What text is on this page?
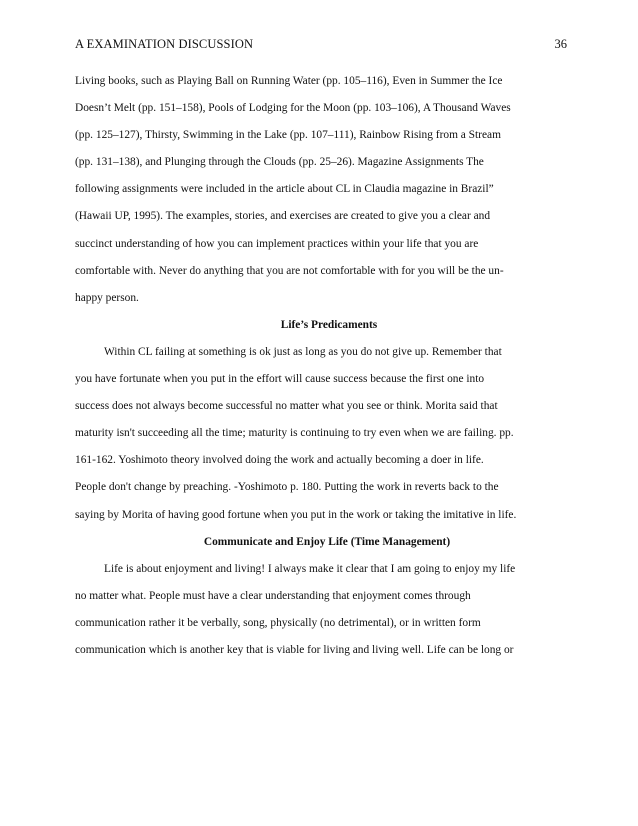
A EXAMINATION DISCUSSION	36
Living books, such as Playing Ball on Running Water (pp. 105–116), Even in Summer the Ice
Doesn’t Melt (pp. 151–158), Pools of Lodging for the Moon (pp. 103–106), A Thousand Waves
(pp. 125–127), Thirsty, Swimming in the Lake (pp. 107–111), Rainbow Rising from a Stream
(pp. 131–138), and Plunging through the Clouds (pp. 25–26). Magazine Assignments The
following assignments were included in the article about CL in Claudia magazine in Brazil”
(Hawaii UP, 1995). The examples, stories, and exercises are created to give you a clear and
succinct understanding of how you can implement practices within your life that you are
comfortable with. Never do anything that you are not comfortable with for you will be the un-
happy person.
Life’s Predicaments
Within CL failing at something is ok just as long as you do not give up. Remember that
you have fortunate when you put in the effort will cause success because the first one into
success does not always become successful no matter what you see or think. Morita said that
maturity isn't succeeding all the time; maturity is continuing to try even when we are failing. pp.
161-162. Yoshimoto theory involved doing the work and actually becoming a doer in life.
People don't change by preaching. -Yoshimoto p. 180. Putting the work in reverts back to the
saying by Morita of having good fortune when you put in the work or taking the imitative in life.
Communicate and Enjoy Life (Time Management)
Life is about enjoyment and living! I always make it clear that I am going to enjoy my life
no matter what. People must have a clear understanding that enjoyment comes through
communication rather it be verbally, song, physically (no detrimental), or in written form
communication which is another key that is viable for living and living well. Life can be long or
